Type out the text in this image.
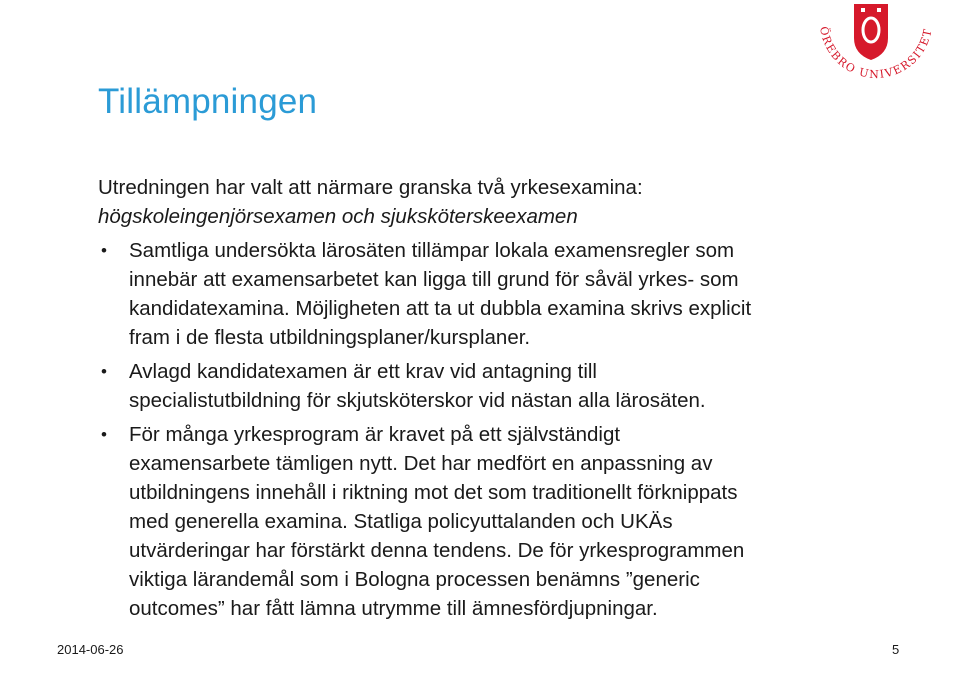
ÖREBRO UNIVERSITET
Tillämpningen

Utredningen har valt att närmare granska två yrkesexamina:

högskoleingenjörsexamen och sjuksköterskeexamen

• Samtliga undersökta lärosäten tillämpar lokala examensregler som
innebär att examensarbetet kan ligga till grund för såväl yrkes- som
kandidatexamina. Möjligheten att ta ut dubbla examina skrivs explicit
fram i de flesta utbildningsplaner/kursplaner.
• Avlagd kandidatexamen är ett krav vid antagning till
specialistutbildning för skjutsköterskor vid nästan alla lärosäten.
• För många yrkesprogram är kravet på ett självständigt
examensarbete tämligen nytt. Det har medfört en anpassning av
utbildningens innehåll i riktning mot det som traditionellt förknippats
med generella examina. Statliga policyuttalanden och UKÄs
utvärderingar har förstärkt denna tendens. De för yrkesprogrammen
viktiga lärandemål som i Bologna processen benämns ”generic
outcomes” har fått lämna utrymme till ämnesfördjupningar.
2014-06-26	5
